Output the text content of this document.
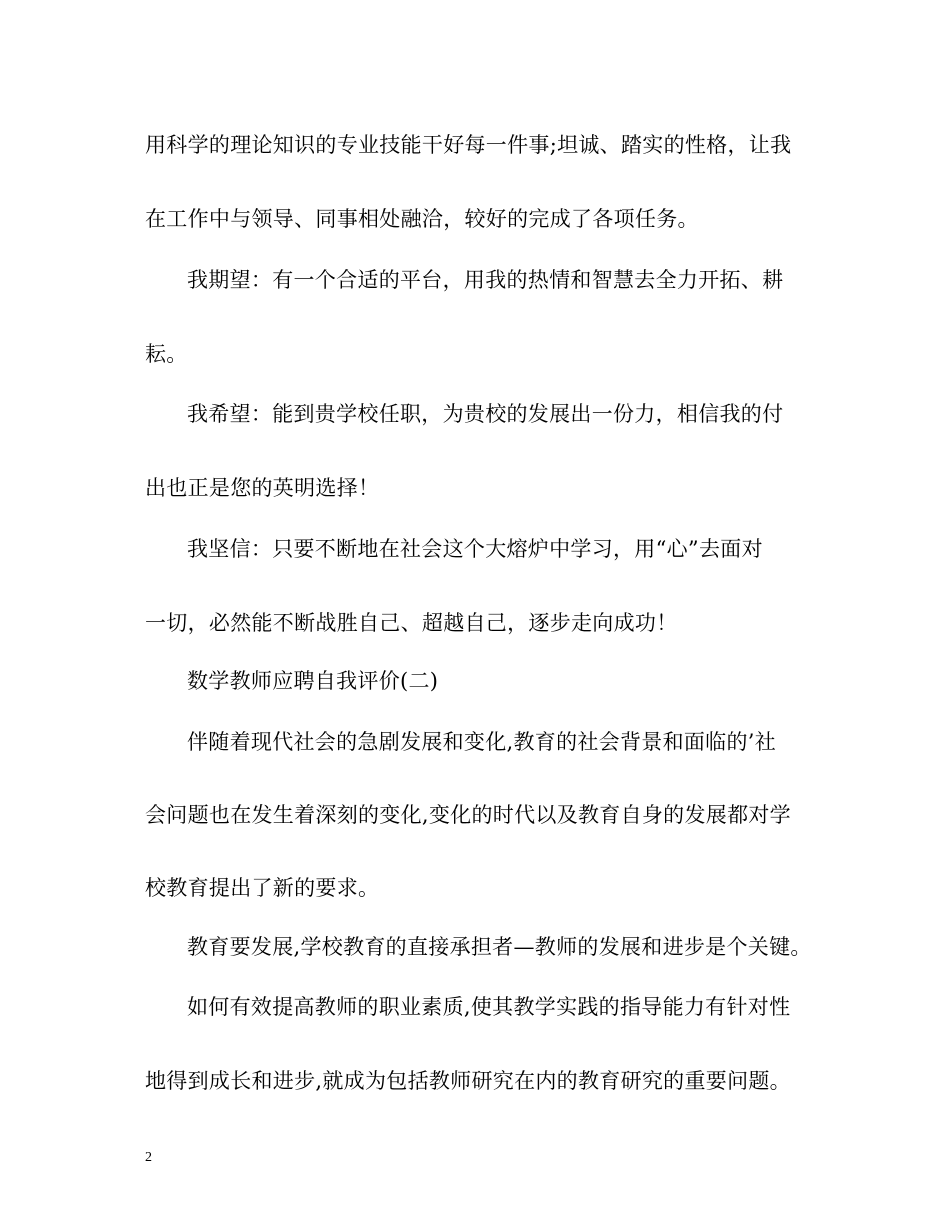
用科学的理论知识的专业技能干好每一件事;坦诚、踏实的性格，让我
在工作中与领导、同事相处融洽，较好的完成了各项任务。
我期望：有一个合适的平台，用我的热情和智慧去全力开拓、耕
耘。
我希望：能到贵学校任职，为贵校的发展出一份力，相信我的付
出也正是您的英明选择！
我坚信：只要不断地在社会这个大熔炉中学习，用“心”去面对
一切，必然能不断战胜自己、超越自己，逐步走向成功！
数学教师应聘自我评价(二)
伴随着现代社会的急剧发展和变化,教育的社会背景和面临的’社
会问题也在发生着深刻的变化,变化的时代以及教育自身的发展都对学
校教育提出了新的要求。
教育要发展,学校教育的直接承担者—教师的发展和进步是个关键。
如何有效提高教师的职业素质,使其教学实践的指导能力有针对性
地得到成长和进步,就成为包括教师研究在内的教育研究的重要问题。
2
